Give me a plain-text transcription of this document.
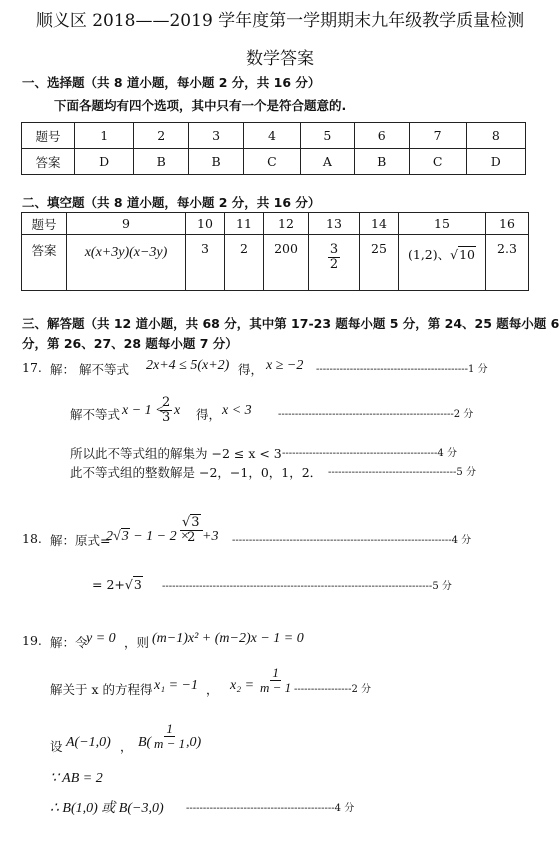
顺义区 2018——2019 学年度第一学期期末九年级教学质量检测
数学答案
一、选择题（共 8 道小题，每小题 2 分，共 16 分）
下面各题均有四个选项，其中只有一个是符合题意的.
题号	1	2	3	4	5	6	7	8
答案	D	B	B	C	A	B	C	D
二、填空题（共 8 道小题，每小题 2 分，共 16 分）
题号	9	10	11	12	13	14	15	16
答案	x(x+3y)(x−3y)	3	2	200	$\frac{3}{2}$	25	(1,2)、√10	2.3
三、解答题（共 12 道小题，共 68 分，其中第 17-23 题每小题 5 分，第 24、25 题每小题 6
分，第 26、27、28 题每小题 7 分）
17. 解： 解不等式 2x+4 ≤ 5(x+2) 得， x ≥ −2 ---------------------------------------------1 分
解不等式 x − 1 <
$\frac{2}{3}$ x 得， x < 3	----------------------------------------------------2 分
所以此不等式组的解集为 −2 ≤ x < 3 ----------------------------------------------4 分
此不等式组的整数解是 −2，−1，0，1，2． --------------------------------------5 分
18. 解：原式=
2√3 − 1 − 2 ×
$\frac{√3}{2} +3$ -----------------------------------------------------------------4 分
= 2+√3 --------------------------------------------------------------------------------5 分
19. 解：令
y = 0 ，则 (m−1)x² + (m−2)x − 1 = 0
解关于 x 的方程得 x₁ = −1 ， $x_2 = \frac{1}{m - 1} -----------------2$ 分
设 A(−1,0) ， $B( \frac{1}{m - 1}$
,0)
∵ AB = 2
∴ B(1,0) 或 B(−3,0) --------------------------------------------4 分
